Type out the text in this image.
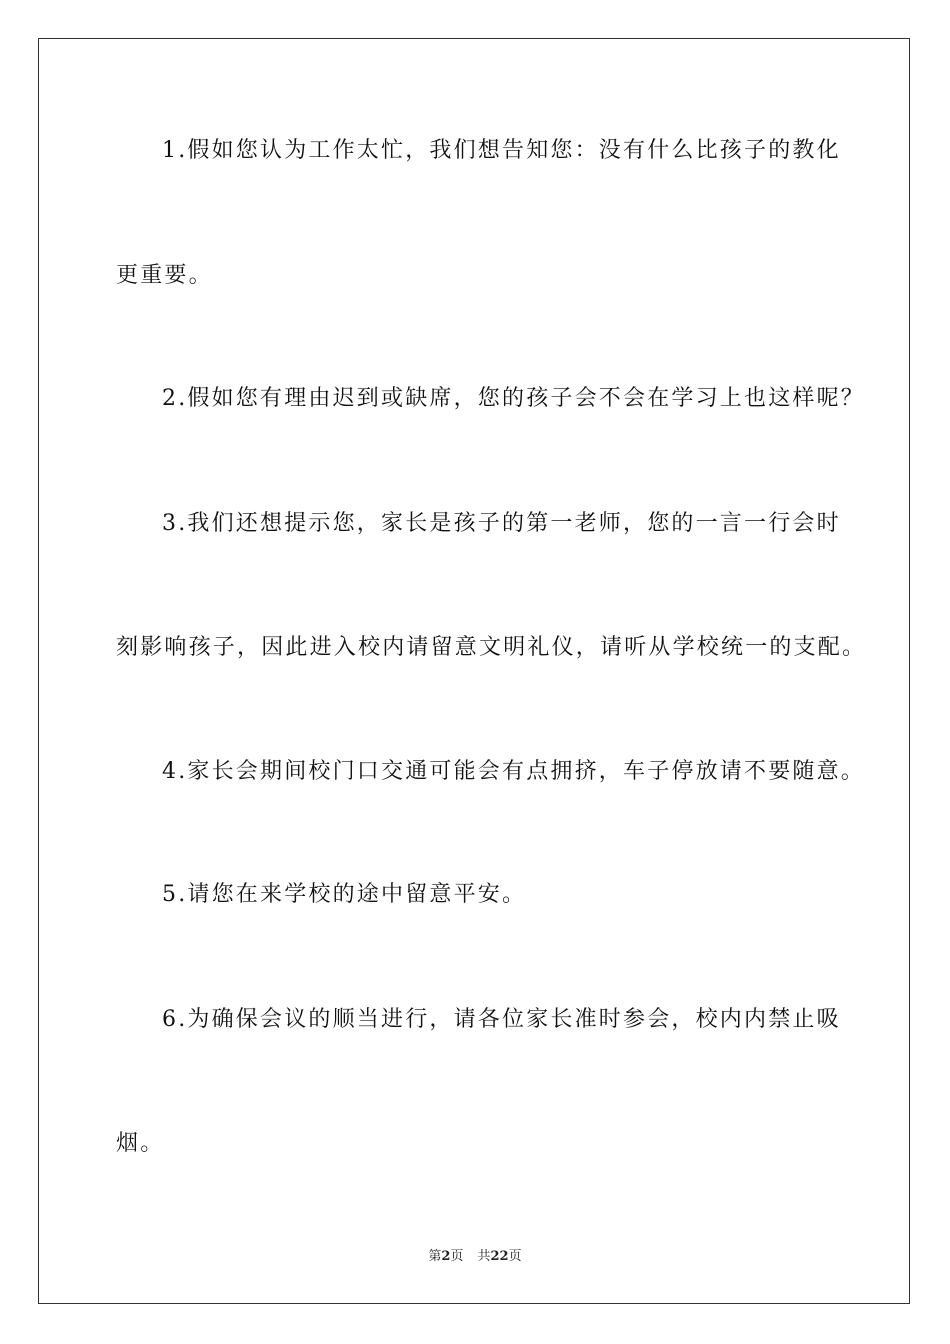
1.假如您认为工作太忙，我们想告知您：没有什么比孩子的教化
更重要。
2.假如您有理由迟到或缺席，您的孩子会不会在学习上也这样呢？
3.我们还想提示您，家长是孩子的第一老师，您的一言一行会时
刻影响孩子，因此进入校内请留意文明礼仪，请听从学校统一的支配。
4.家长会期间校门口交通可能会有点拥挤，车子停放请不要随意。
5.请您在来学校的途中留意平安。
6.为确保会议的顺当进行，请各位家长准时参会，校内内禁止吸
烟。
第2页 共22页
